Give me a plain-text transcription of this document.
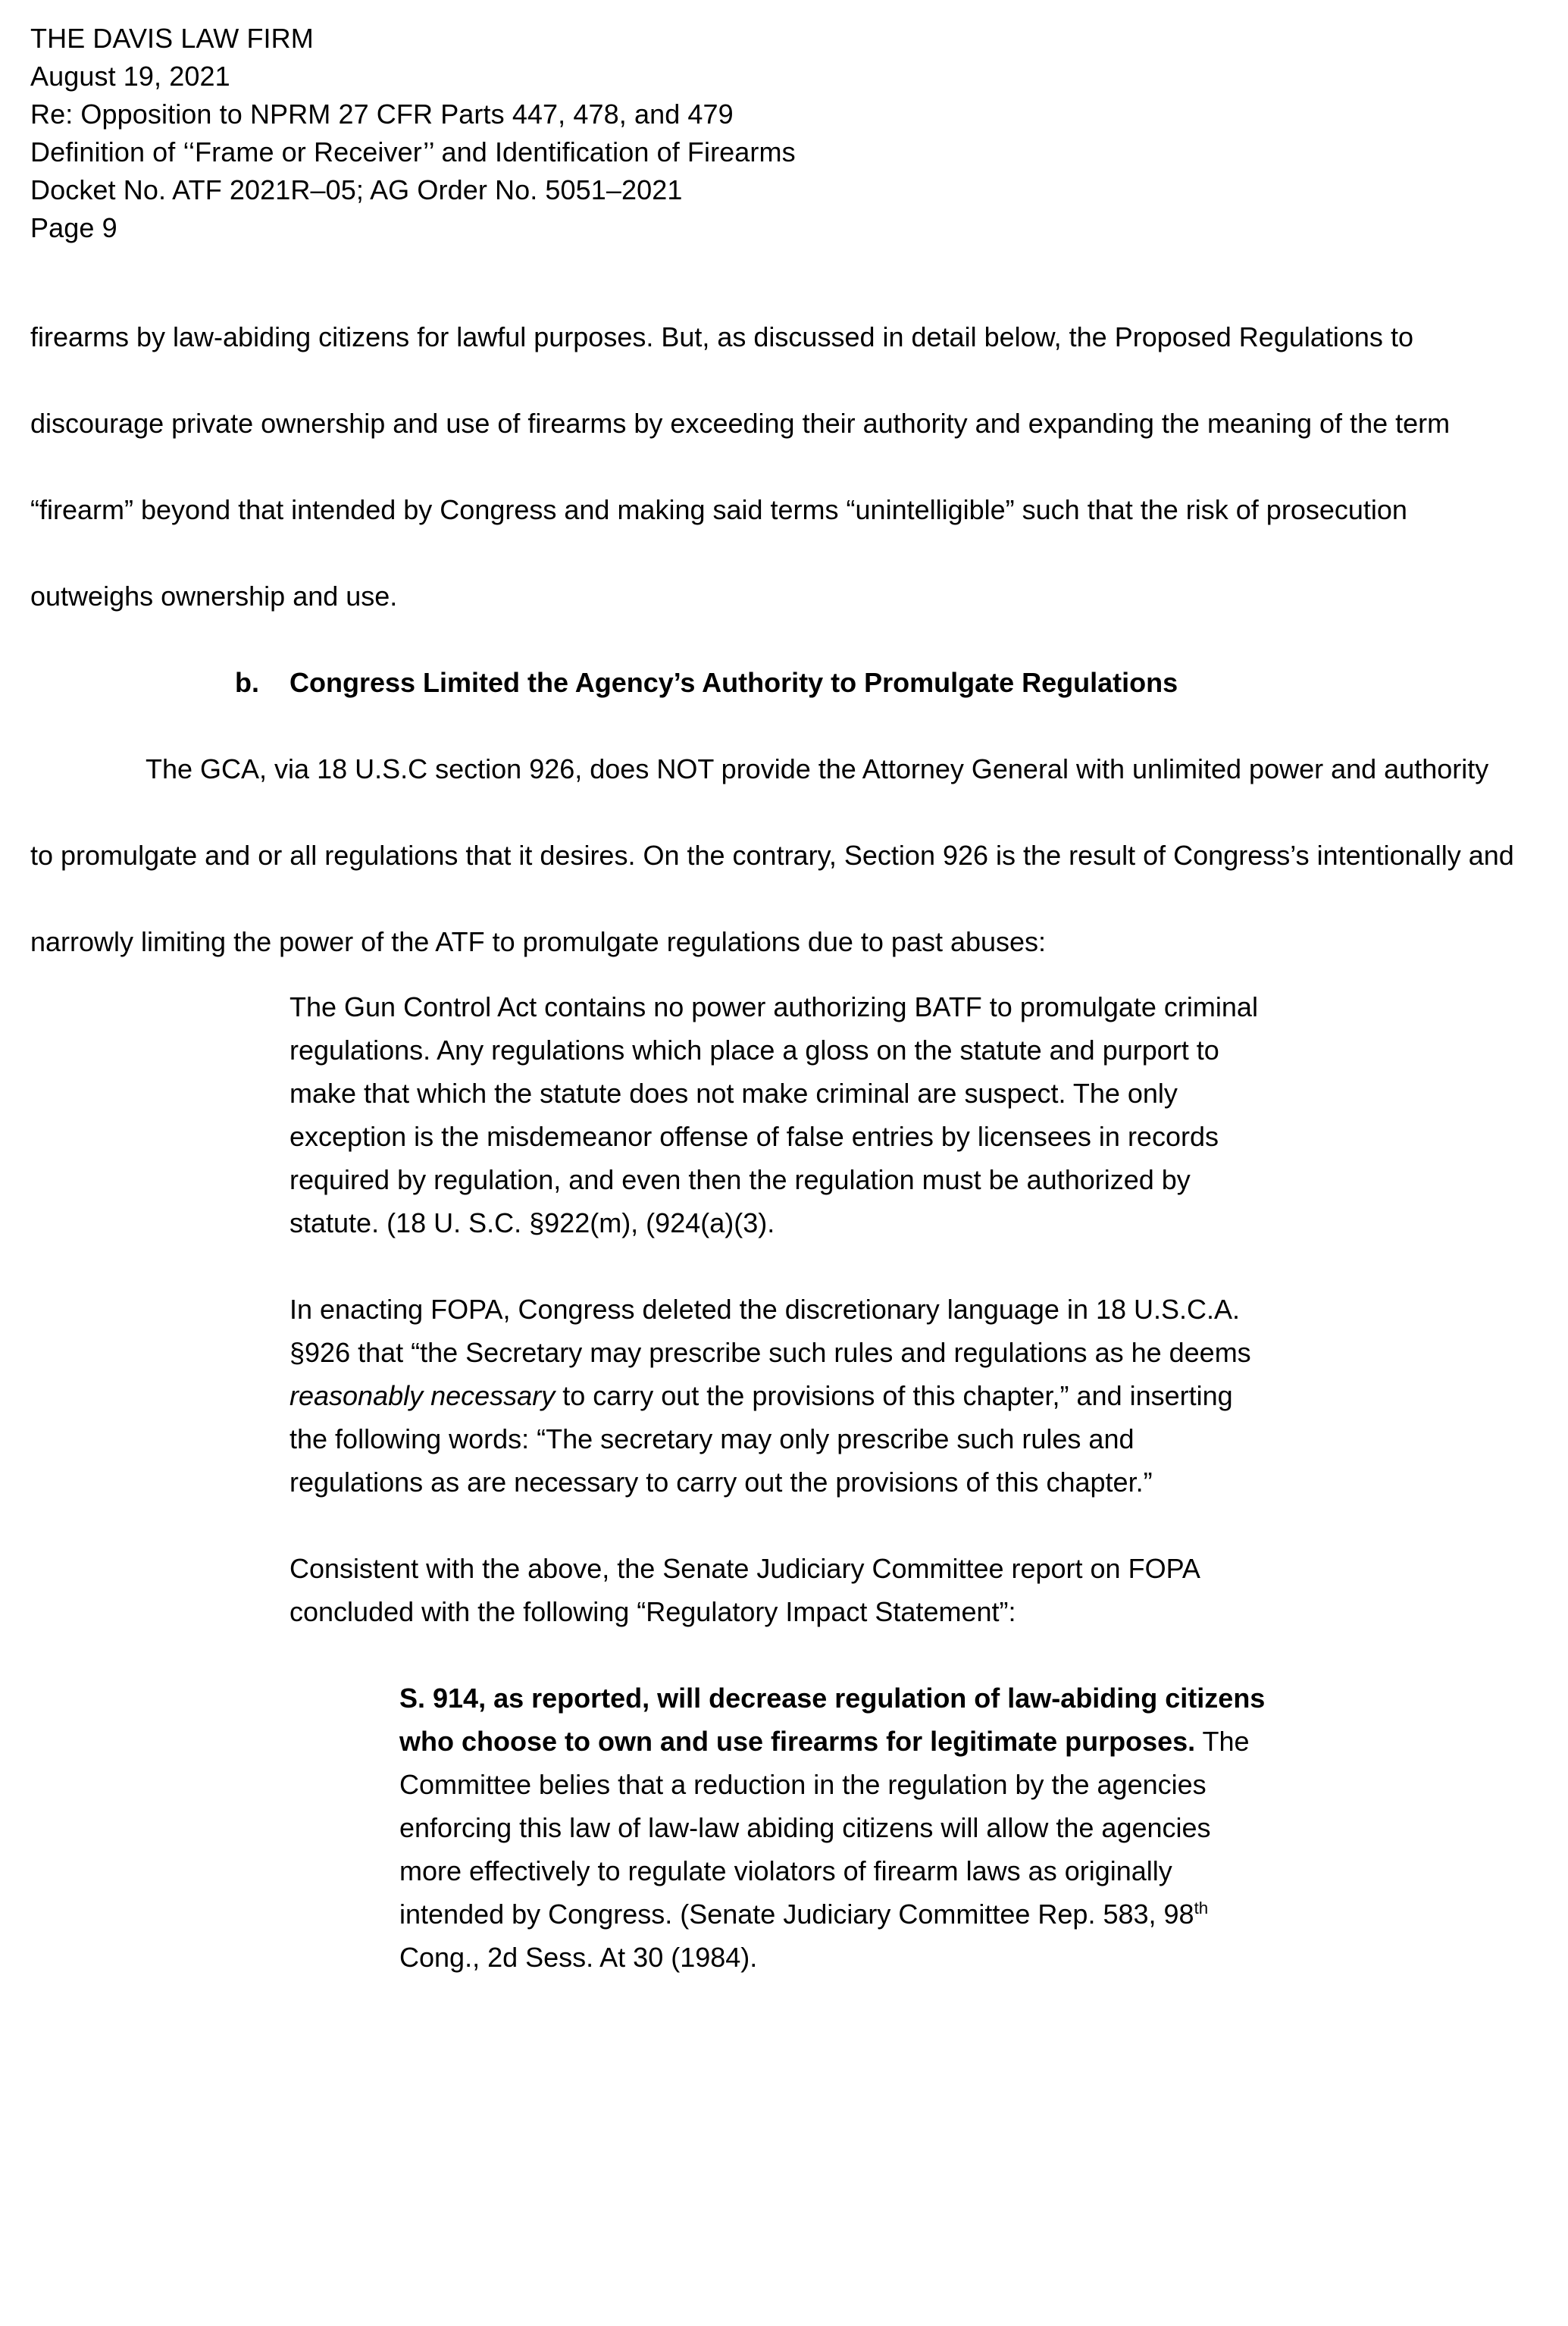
THE DAVIS LAW FIRM
August 19, 2021
Re: Opposition to NPRM 27 CFR Parts 447, 478, and 479
Definition of ‘‘Frame or Receiver’’ and Identification of Firearms
Docket No. ATF 2021R–05; AG Order No. 5051–2021
Page 9

firearms by law-abiding citizens for lawful purposes. But, as discussed in detail below, the Proposed Regulations to discourage private ownership and use of firearms by exceeding their authority and expanding the meaning of the term “firearm” beyond that intended by Congress and making said terms “unintelligible” such that the risk of prosecution outweighs ownership and use.

b. Congress Limited the Agency’s Authority to Promulgate Regulations

The GCA, via 18 U.S.C section 926, does NOT provide the Attorney General with unlimited power and authority to promulgate and or all regulations that it desires. On the contrary, Section 926 is the result of Congress’s intentionally and narrowly limiting the power of the ATF to promulgate regulations due to past abuses:

The Gun Control Act contains no power authorizing BATF to promulgate criminal regulations. Any regulations which place a gloss on the statute and purport to make that which the statute does not make criminal are suspect. The only exception is the misdemeanor offense of false entries by licensees in records required by regulation, and even then the regulation must be authorized by statute. (18 U. S.C. §922(m), (924(a)(3).

In enacting FOPA, Congress deleted the discretionary language in 18 U.S.C.A. §926 that “the Secretary may prescribe such rules and regulations as he deems reasonably necessary to carry out the provisions of this chapter,” and inserting the following words: “The secretary may only prescribe such rules and regulations as are necessary to carry out the provisions of this chapter.”

Consistent with the above, the Senate Judiciary Committee report on FOPA concluded with the following “Regulatory Impact Statement”:

S. 914, as reported, will decrease regulation of law-abiding citizens who choose to own and use firearms for legitimate purposes. The Committee belies that a reduction in the regulation by the agencies enforcing this law of law-law abiding citizens will allow the agencies more effectively to regulate violators of firearm laws as originally intended by Congress. (Senate Judiciary Committee Rep. 583, 98th Cong., 2d Sess. At 30 (1984).
